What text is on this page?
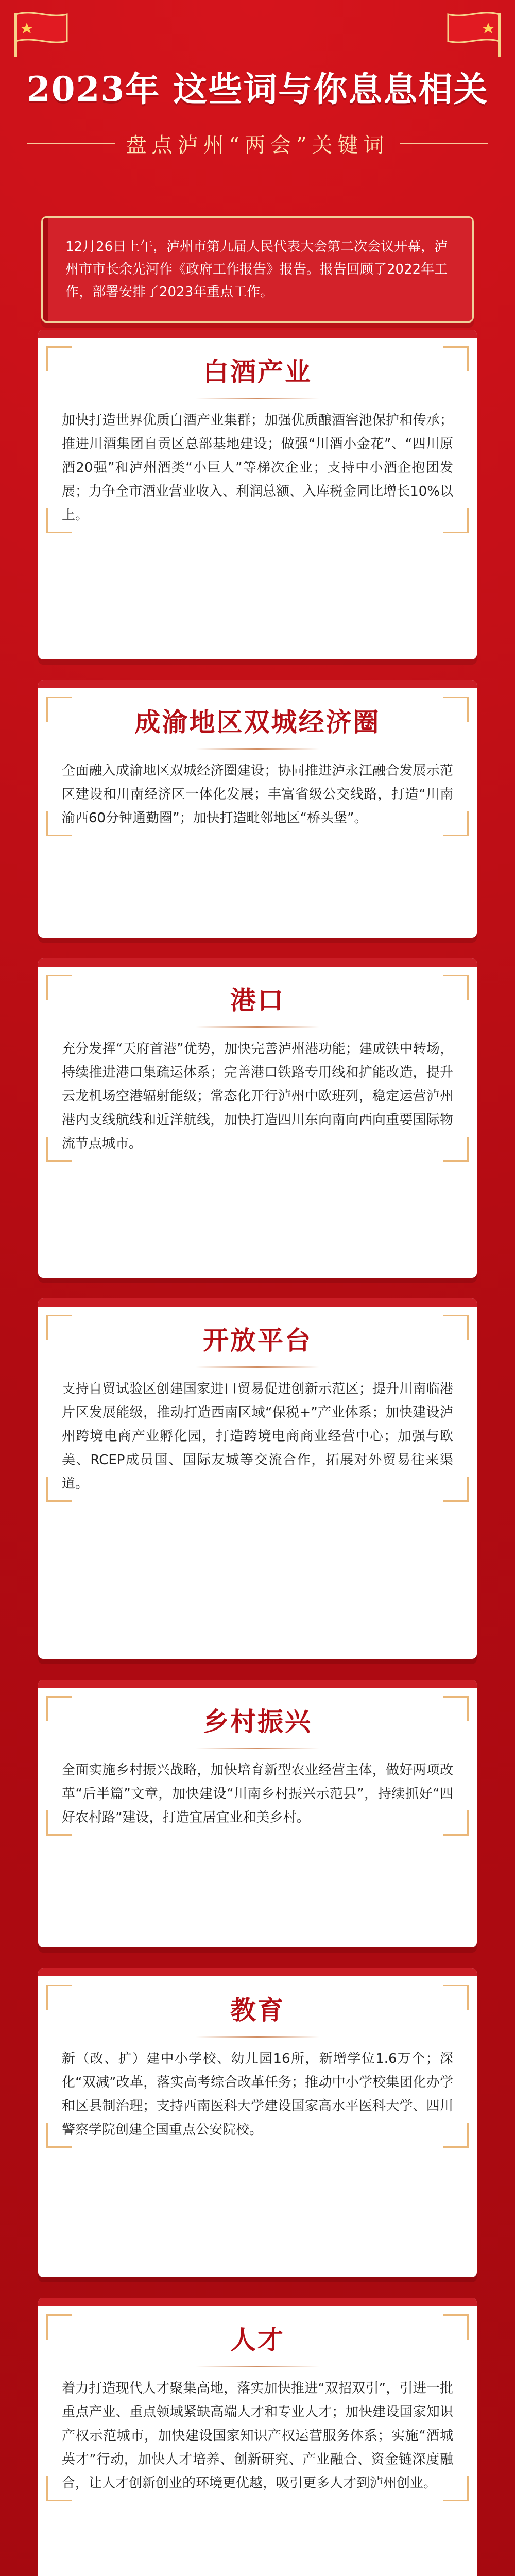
2023年 这些词与你息息相关
盘点泸州“两会”关键词
12月26日上午，泸州市第九届人民代表大会第二次会议开幕，泸州市市长余先河作《政府工作报告》报告。报告回顾了2022年工作，部署安排了2023年重点工作。
白酒产业

加快打造世界优质白酒产业集群；加强优质酿酒窖池保护和传承；推进川酒集团自贡区总部基地建设；做强“川酒小金花”、“四川原酒20强”和泸州酒类“小巨人”等梯次企业；支持中小酒企抱团发展；力争全市酒业营业收入、利润总额、入库税金同比增长10%以上。

成渝地区双城经济圈

全面融入成渝地区双城经济圈建设；协同推进泸永江融合发展示范区建设和川南经济区一体化发展；丰富省级公交线路，打造“川南渝西60分钟通勤圈”；加快打造毗邻地区“桥头堡”。

港口

充分发挥“天府首港”优势，加快完善泸州港功能；建成铁中转场，持续推进港口集疏运体系；完善港口铁路专用线和扩能改造，提升云龙机场空港辐射能级；常态化开行泸州中欧班列，稳定运营泸州港内支线航线和近洋航线，加快打造四川东向南向西向重要国际物流节点城市。

开放平台

支持自贸试验区创建国家进口贸易促进创新示范区；提升川南临港片区发展能级，推动打造西南区域“保税+”产业体系；加快建设泸州跨境电商产业孵化园，打造跨境电商商业经营中心；加强与欧美、RCEP成员国、国际友城等交流合作，拓展对外贸易往来渠道。

乡村振兴

全面实施乡村振兴战略，加快培育新型农业经营主体，做好两项改革“后半篇”文章，加快建设“川南乡村振兴示范县”，持续抓好“四好农村路”建设，打造宜居宜业和美乡村。

教育

新（改、扩）建中小学校、幼儿园16所，新增学位1.6万个；深化“双减”改革，落实高考综合改革任务；推动中小学校集团化办学和区县制治理；支持西南医科大学建设国家高水平医科大学、四川警察学院创建全国重点公安院校。

人才

着力打造现代人才聚集高地，落实加快推进“双招双引”，引进一批重点产业、重点领域紧缺高端人才和专业人才；加快建设国家知识产权示范城市，加快建设国家知识产权运营服务体系；实施“酒城英才”行动，加快人才培养、创新研究、产业融合、资金链深度融合，让人才创新创业的环境更优越，吸引更多人才到泸州创业。
